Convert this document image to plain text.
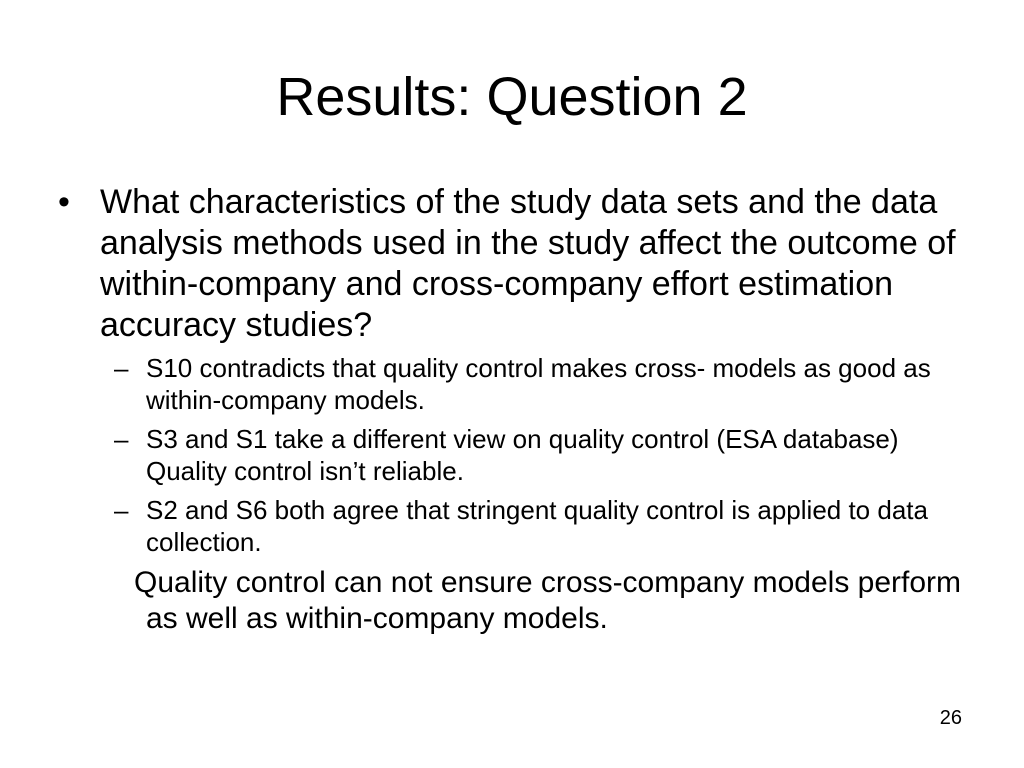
Results: Question 2
• What characteristics of the study data sets and the data analysis methods used in the study affect the outcome of within-company and cross-company effort estimation accuracy studies?
– S10 contradicts that quality control makes cross- models as good as within-company models.
– S3 and S1 take a different view on quality control (ESA database) Quality control isn’t reliable.
– S2 and S6 both agree that stringent quality control is applied to data collection.
Quality control can not ensure cross-company models perform as well as within-company models.
26
